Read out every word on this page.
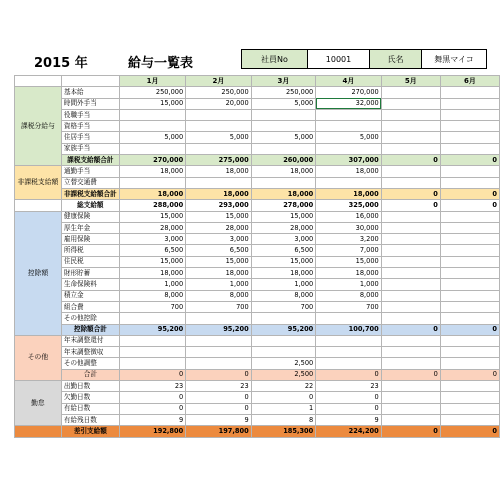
2015 年	給与一覧表	社員No	10001	氏名	舞黒マイコ
		1月	2月	3月	4月	5月	6月
課税分給与	基本給	250,000	250,000	250,000	270,000		
	時間外手当	15,000	20,000	5,000	32,000		
	役職手当						
	資格手当						
	住居手当	5,000	5,000	5,000	5,000		
	家族手当						
	課税支給額合計	270,000	275,000	260,000	307,000	0	0
非課税支給額	通勤手当	18,000	18,000	18,000	18,000		
	立替交通費						
	非課税支給額合計	18,000	18,000	18,000	18,000	0	0
	総支給額	288,000	293,000	278,000	325,000	0	0
控除額	健康保険	15,000	15,000	15,000	16,000		
	厚生年金	28,000	28,000	28,000	30,000		
	雇用保険	3,000	3,000	3,000	3,200		
	所得税	6,500	6,500	6,500	7,000		
	住民税	15,000	15,000	15,000	15,000		
	財形貯蓄	18,000	18,000	18,000	18,000		
	生命保険料	1,000	1,000	1,000	1,000		
	積立金	8,000	8,000	8,000	8,000		
	組合費	700	700	700	700		
	その他控除						
	控除額合計	95,200	95,200	95,200	100,700	0	0
その他	年末調整還付						
	年末調整徴収						
	その他調整			2,500			
	合計	0	0	2,500	0	0	0
勤怠	出勤日数	23	23	22	23		
	欠勤日数	0	0	0	0		
	有給日数	0	0	1	0		
	有給残日数	9	9	8	9		
	差引支給額	192,800	197,800	185,300	224,200	0	0
